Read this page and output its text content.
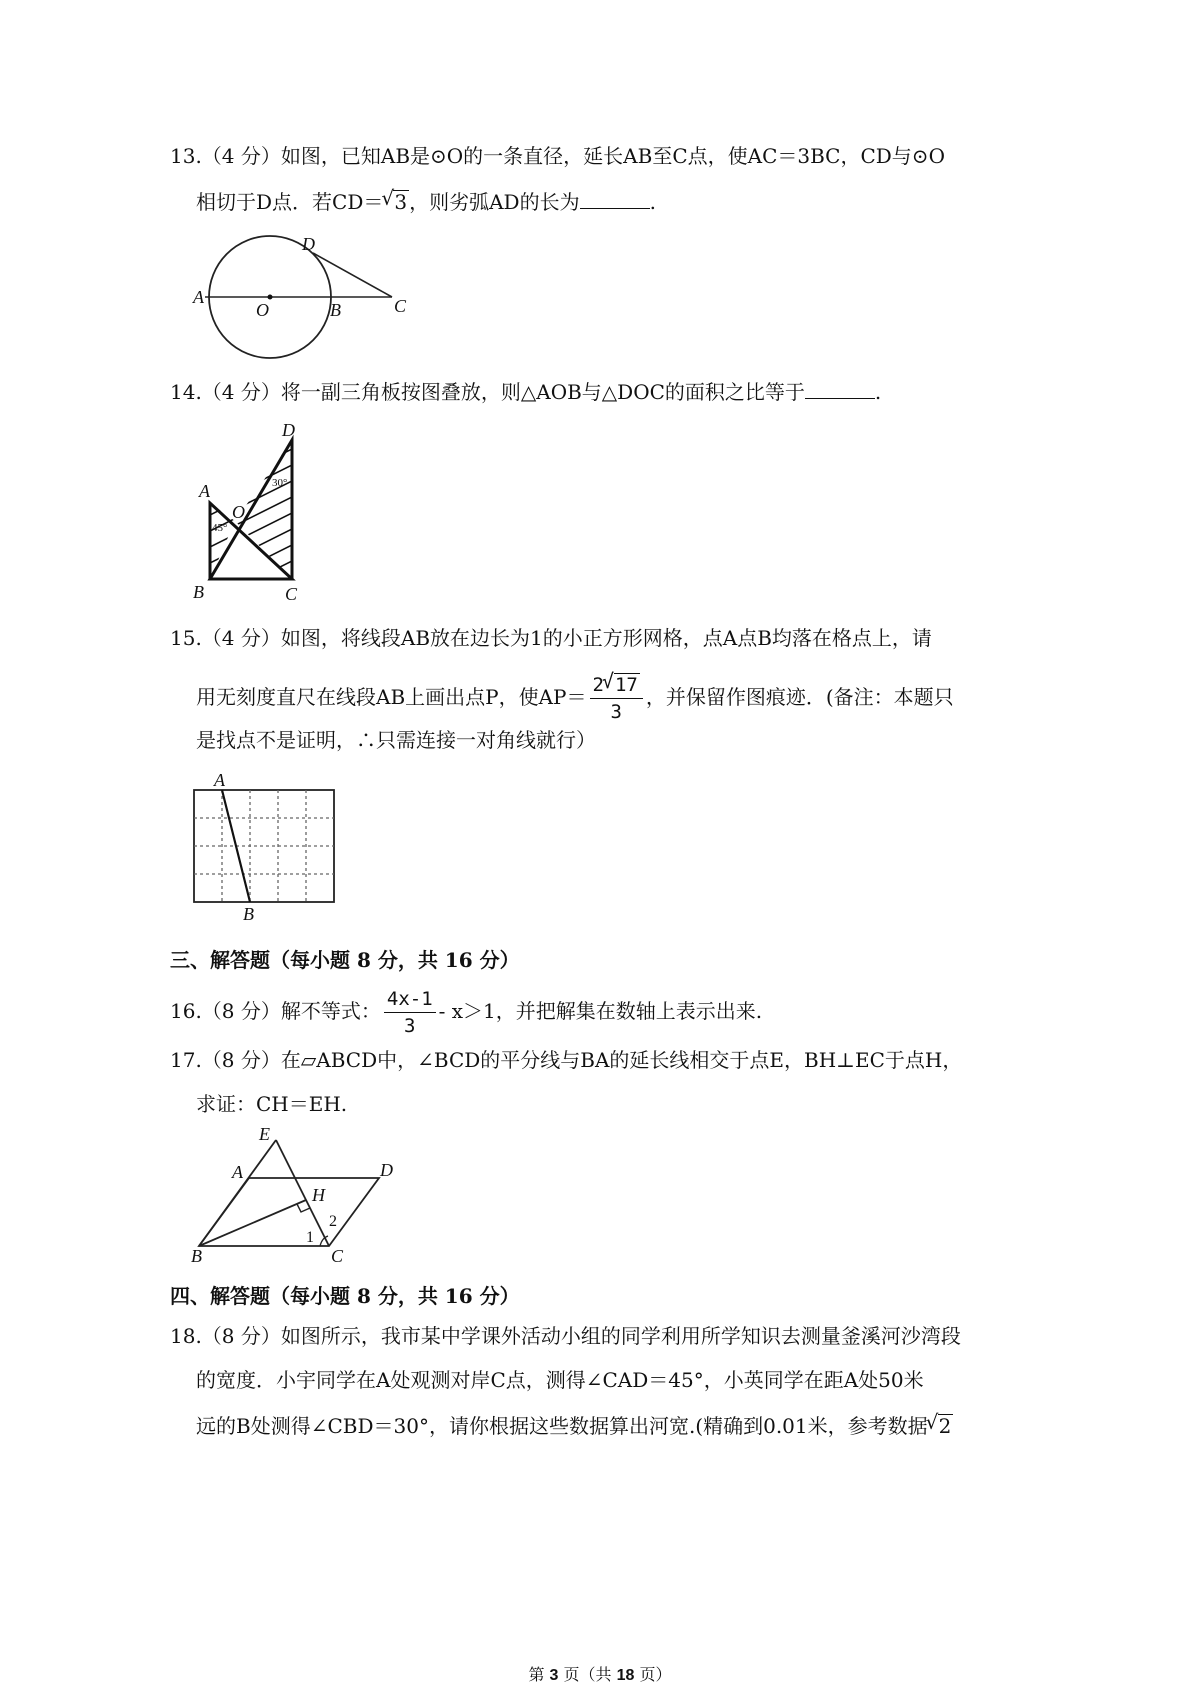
13.（4 分）如图，已知AB是⊙O的一条直径，延长AB至C点，使AC＝3BC，CD与⊙O
相切于D点．若CD＝ √ 3 ，则劣弧AD的长为	.
A
O	B	C
D
14.（4 分）将一副三角板按图叠放，则△AOB与△DOC的面积之比等于	.
A
O
B	C
D
45°
30°
15.（4 分）如图，将线段AB放在边长为1的小正方形网格，点A点B均落在格点上，请
用无刻度直尺在线段AB上画出点P，使$AP= \frac{2 √ 17}{3}$ ，并保留作图痕迹．(备注：本题只
是找点不是证明，∴只需连接一对角线就行）
A
B
三、解答题（每小题 8 分，共 16 分）
16.（8 分）解不等式： $\frac{4x-1}{3} - x>1$，并把解集在数轴上表示出来.
17.（8 分）在▱ABCD中，∠BCD的平分线与BA的延长线相交于点E，BH⊥EC于点H，
求证：CH＝EH.
E
A	D
H
B	C
1
2
四、解答题（每小题 8 分，共 16 分）
18.（8 分）如图所示，我市某中学课外活动小组的同学利用所学知识去测量釜溪河沙湾段
的宽度．小宇同学在A处观测对岸C点，测得∠CAD＝45°，小英同学在距A处50米
远的B处测得∠CBD＝30°，请你根据这些数据算出河宽.(精确到0.01米，参考数据 √ 2
第 3 页（共 18 页）
